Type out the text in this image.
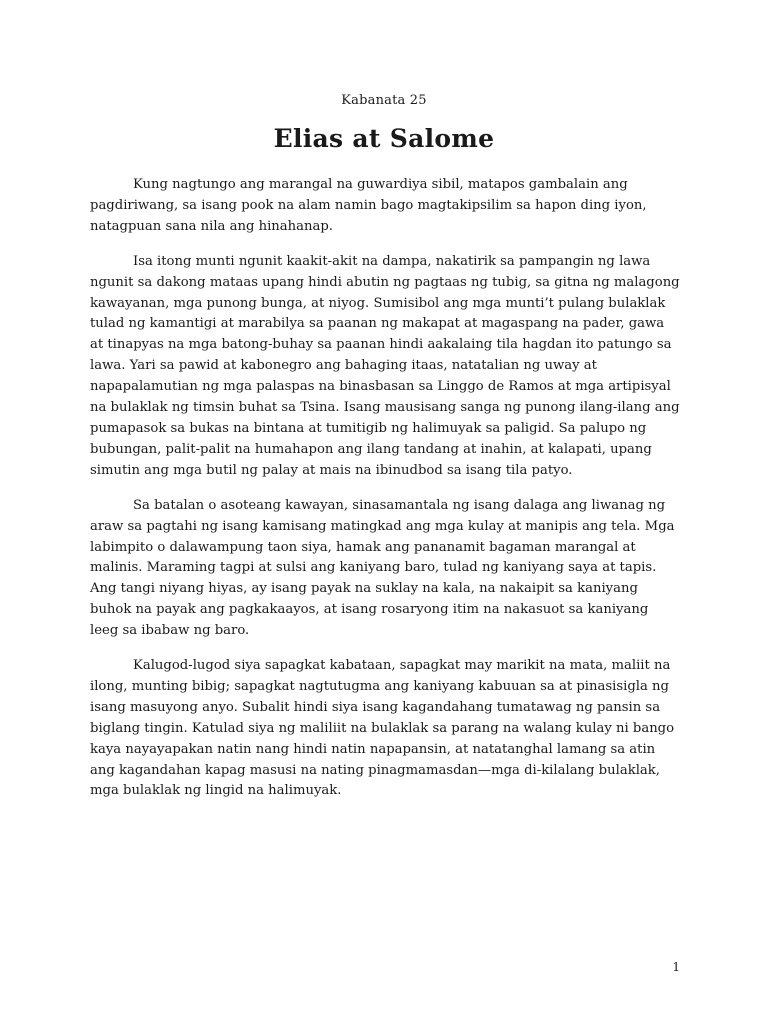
Kabanata 25
Elias at Salome

Kung nagtungo ang marangal na guwardiya sibil, matapos gambalain ang pagdiriwang, sa isang pook na alam namin bago magtakipsilim sa hapon ding iyon, natagpuan sana nila ang hinahanap.

Isa itong munti ngunit kaakit-akit na dampa, nakatirik sa pampangin ng lawa ngunit sa dakong mataas upang hindi abutin ng pagtaas ng tubig, sa gitna ng malagong kawayanan, mga punong bunga, at niyog. Sumisibol ang mga munti’t pulang bulaklak tulad ng kamantigi at marabilya sa paanan ng makapat at magaspang na pader, gawa at tinapyas na mga batong-buhay sa paanan hindi aakalaing tila hagdan ito patungo sa lawa. Yari sa pawid at kabonegro ang bahaging itaas, natatalian ng uway at napapalamutian ng mga palaspas na binasbasan sa Linggo de Ramos at mga artipisyal na bulaklak ng timsin buhat sa Tsina. Isang mausisang sanga ng punong ilang-ilang ang pumapasok sa bukas na bintana at tumitigib ng halimuyak sa paligid. Sa palupo ng bubungan, palit-palit na humahapon ang ilang tandang at inahin, at kalapati, upang simutin ang mga butil ng palay at mais na ibinudbod sa isang tila patyo.

Sa batalan o asoteang kawayan, sinasamantala ng isang dalaga ang liwanag ng araw sa pagtahi ng isang kamisang matingkad ang mga kulay at manipis ang tela. Mga labimpito o dalawampung taon siya, hamak ang pananamit bagaman marangal at malinis. Maraming tagpi at sulsi ang kaniyang baro, tulad ng kaniyang saya at tapis. Ang tangi niyang hiyas, ay isang payak na suklay na kala, na nakaipit sa kaniyang buhok na payak ang pagkakaayos, at isang rosaryong itim na nakasuot sa kaniyang leeg sa ibabaw ng baro.

Kalugod-lugod siya sapagkat kabataan, sapagkat may marikit na mata, maliit na ilong, munting bibig; sapagkat nagtutugma ang kaniyang kabuuan sa at pinasisigla ng isang masuyong anyo. Subalit hindi siya isang kagandahang tumatawag ng pansin sa biglang tingin. Katulad siya ng maliliit na bulaklak sa parang na walang kulay ni bango kaya nayayapakan natin nang hindi natin napapansin, at natatanghal lamang sa atin ang kagandahan kapag masusi na nating pinagmamasdan—mga di-kilalang bulaklak, mga bulaklak ng lingid na halimuyak.

1
